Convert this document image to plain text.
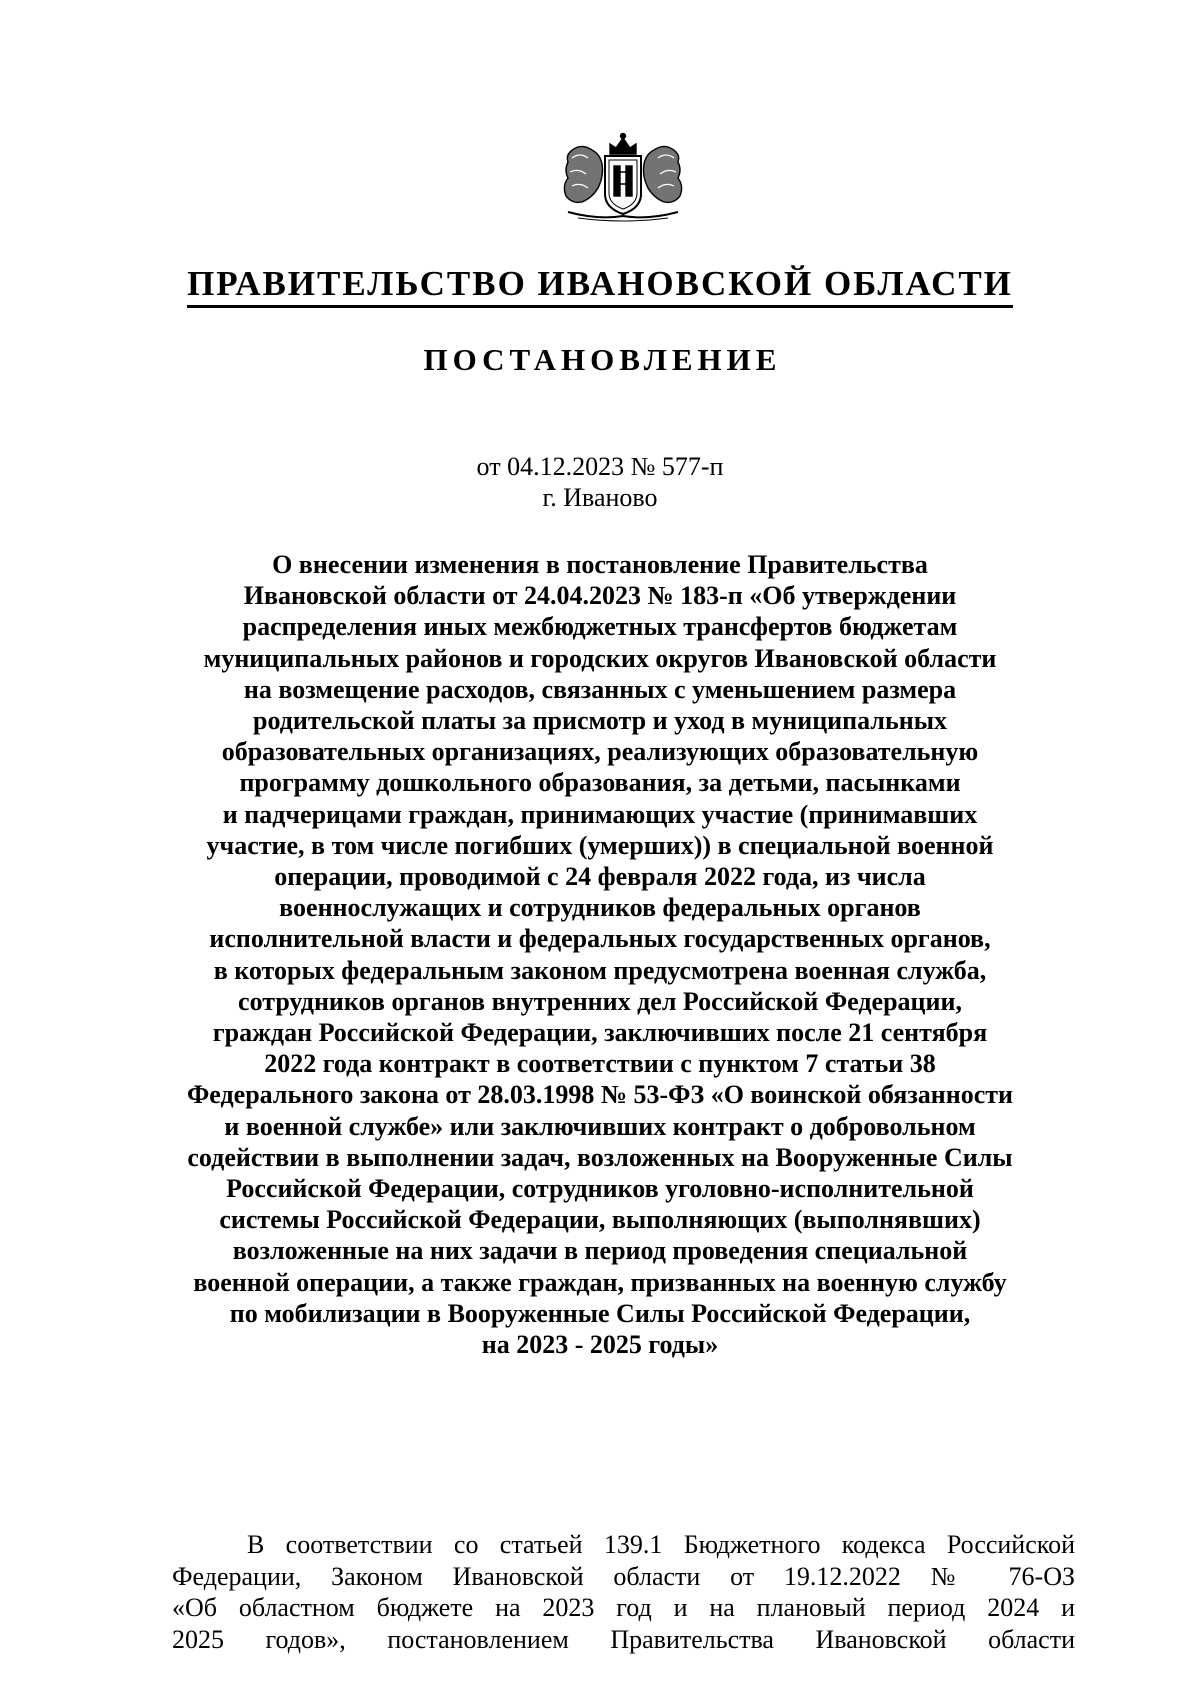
ПРАВИТЕЛЬСТВО ИВАНОВСКОЙ ОБЛАСТИ
ПОСТАНОВЛЕНИЕ
от 04.12.2023 № 577-п
г. Иваново
О внесении изменения в постановление Правительства
Ивановской области от 24.04.2023 № 183-п «Об утверждении
распределения иных межбюджетных трансфертов бюджетам
муниципальных районов и городских округов Ивановской области
на возмещение расходов, связанных с уменьшением размера
родительской платы за присмотр и уход в муниципальных
образовательных организациях, реализующих образовательную
программу дошкольного образования, за детьми, пасынками
и падчерицами граждан, принимающих участие (принимавших
участие, в том числе погибших (умерших)) в специальной военной
операции, проводимой с 24 февраля 2022 года, из числа
военнослужащих и сотрудников федеральных органов
исполнительной власти и федеральных государственных органов,
в которых федеральным законом предусмотрена военная служба,
сотрудников органов внутренних дел Российской Федерации,
граждан Российской Федерации, заключивших после 21 сентября
2022 года контракт в соответствии с пунктом 7 статьи 38
Федерального закона от 28.03.1998 № 53-ФЗ «О воинской обязанности
и военной службе» или заключивших контракт о добровольном
содействии в выполнении задач, возложенных на Вооруженные Силы
Российской Федерации, сотрудников уголовно-исполнительной
системы Российской Федерации, выполняющих (выполнявших)
возложенные на них задачи в период проведения специальной
военной операции, а также граждан, призванных на военную службу
по мобилизации в Вооруженные Силы Российской Федерации,
на 2023 - 2025 годы»
В соответствии со статьей 139.1 Бюджетного кодекса Российской
Федерации, Законом Ивановской области от 19.12.2022 № 76-ОЗ
«Об областном бюджете на 2023 год и на плановый период 2024 и
2025 годов», постановлением Правительства Ивановской области
